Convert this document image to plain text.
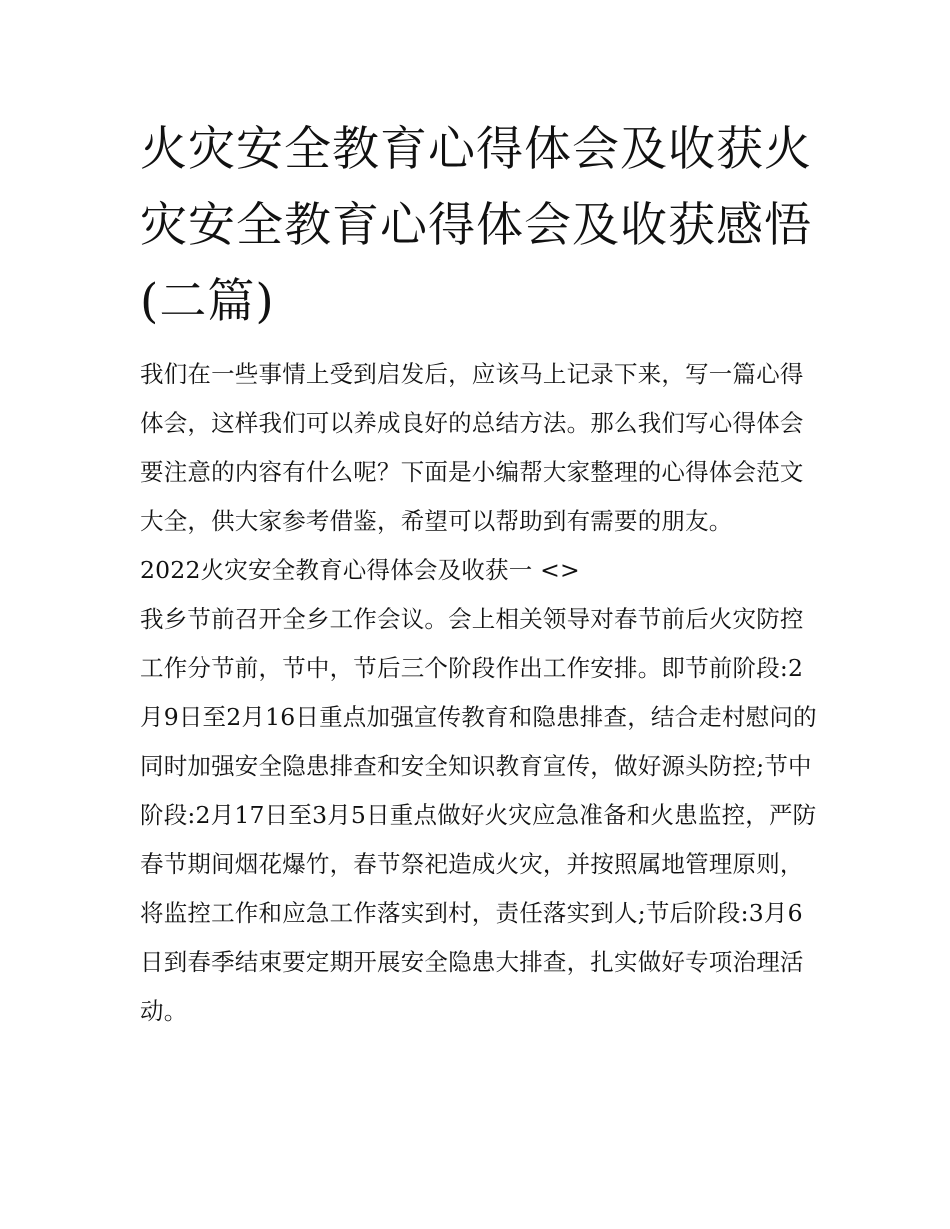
火灾安全教育心得体会及收获火灾安全教育心得体会及收获感悟(二篇)

我们在一些事情上受到启发后，应该马上记录下来，写一篇心得体会，这样我们可以养成良好的总结方法。那么我们写心得体会要注意的内容有什么呢？下面是小编帮大家整理的心得体会范文大全，供大家参考借鉴，希望可以帮助到有需要的朋友。

2022火灾安全教育心得体会及收获一 <>

我乡节前召开全乡工作会议。会上相关领导对春节前后火灾防控工作分节前，节中，节后三个阶段作出工作安排。即节前阶段:2月9日至2月16日重点加强宣传教育和隐患排查，结合走村慰问的同时加强安全隐患排查和安全知识教育宣传，做好源头防控;节中阶段:2月17日至3月5日重点做好火灾应急准备和火患监控，严防春节期间烟花爆竹，春节祭祀造成火灾，并按照属地管理原则，将监控工作和应急工作落实到村，责任落实到人;节后阶段:3月6日到春季结束要定期开展安全隐患大排查，扎实做好专项治理活动。
